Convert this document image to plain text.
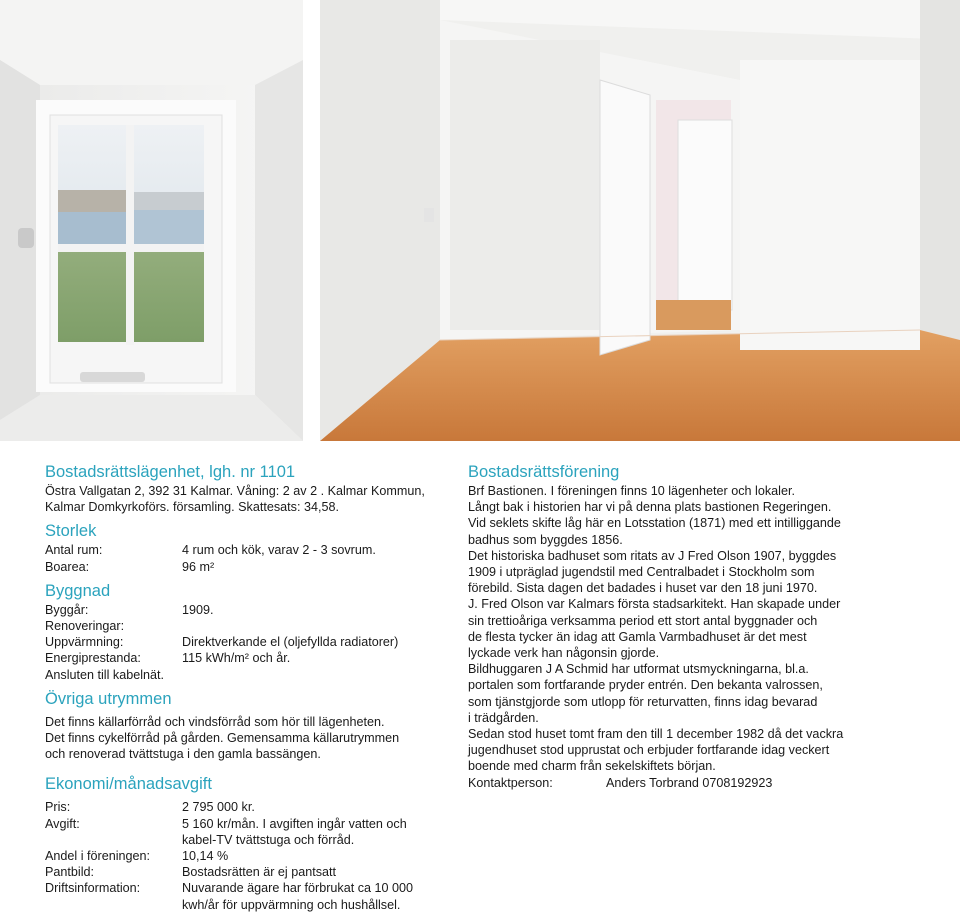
Bostadsrättslägenhet, lgh. nr 1101
Östra Vallgatan 2, 392 31 Kalmar. Våning: 2 av 2 . Kalmar Kommun,
Kalmar Domkyrkoförs. församling. Skattesats: 34,58.
Storlek
Antal rum:	4 rum och kök, varav 2 - 3 sovrum.
Boarea:	96 m²
Byggnad
Byggår:	1909.
Renoveringar:
Uppvärmning:	Direktverkande el (oljefyllda radiatorer)
Energiprestanda:	115 kWh/m² och år.
Ansluten till kabelnät.
Övriga utrymmen
Det finns källarförråd och vindsförråd som hör till lägenheten.
Det finns cykelförråd på gården. Gemensamma källarutrymmen
och renoverad tvättstuga i den gamla bassängen.
Ekonomi/månadsavgift
Pris:	2 795 000 kr.
Avgift:	5 160 kr/mån. I avgiften ingår vatten och
kabel-TV tvättstuga och förråd.
Andel i föreningen:	10,14 %
Pantbild:	Bostadsrätten är ej pantsatt
Driftsinformation:	Nuvarande ägare har förbrukat ca 10 000
kwh/år för uppvärmning och hushållsel.
Bostadsrättsförening
Brf Bastionen. I föreningen finns 10 lägenheter och lokaler.
Långt bak i historien har vi på denna plats bastionen Regeringen.
Vid seklets skifte låg här en Lotsstation (1871) med ett intilliggande
badhus som byggdes 1856.
Det historiska badhuset som ritats av J Fred Olson 1907, byggdes
1909 i utpräglad jugendstil med Centralbadet i Stockholm som
förebild. Sista dagen det badades i huset var den 18 juni 1970.
J. Fred Olson var Kalmars första stadsarkitekt. Han skapade under
sin trettioåriga verksamma period ett stort antal byggnader och
de flesta tycker än idag att Gamla Varmbadhuset är det mest
lyckade verk han någonsin gjorde.
Bildhuggaren J A Schmid har utformat utsmyckningarna, bl.a.
portalen som fortfarande pryder entrén. Den bekanta valrossen,
som tjänstgjorde som utlopp för returvatten, finns idag bevarad
i trädgården.
Sedan stod huset tomt fram den till 1 december 1982 då det vackra
jugendhuset stod upprustat och erbjuder fortfarande idag veckert
boende med charm från sekelskiftets början.
Kontaktperson:	Anders Torbrand 0708192923
